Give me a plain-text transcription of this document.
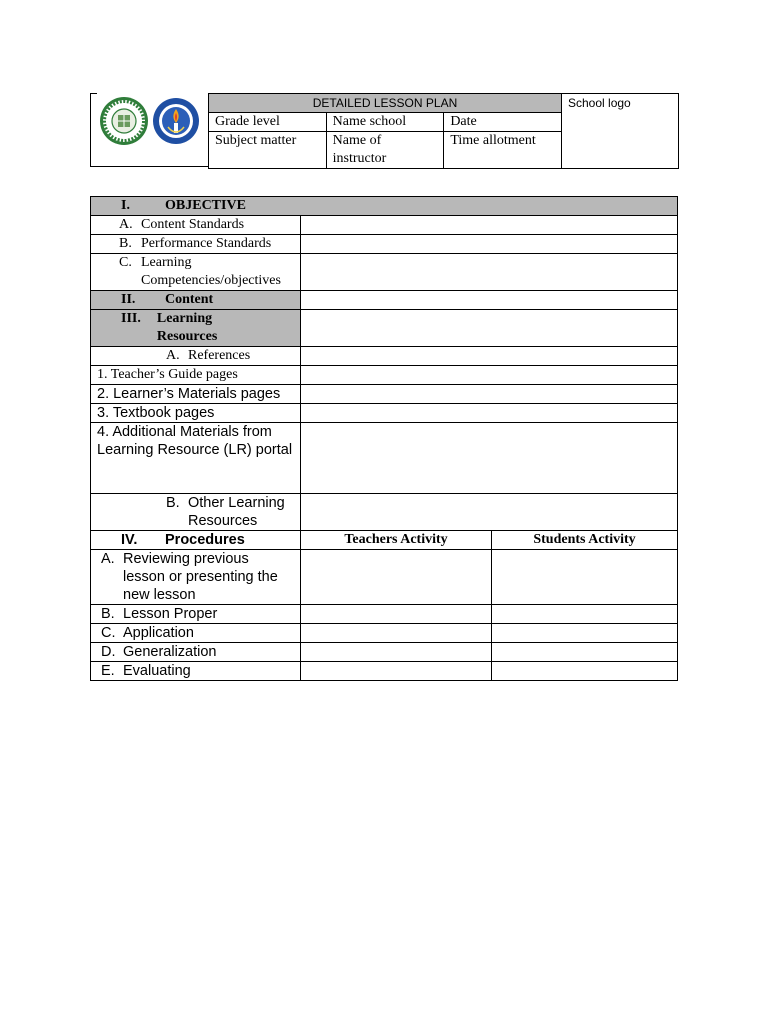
DETAILED LESSON PLAN			School logo
Grade level	Name school	Date	
Subject matter	Name of instructor	Time allotment	
I. OBJECTIVE		
A. Content Standards		
B. Performance Standards		

C. Learning Competencies/objectives		

II. Content		

III. Learning Resources		

A. References		
1. Teacher’s Guide pages		
2. Learner’s Materials pages		
3. Textbook pages		
4. Additional Materials from Learning Resource (LR) portal		

B. Other Learning Resources		

IV. Procedures	Teachers Activity	Students Activity

A. Reviewing previous lesson or presenting the new lesson		

B. Lesson Proper		
C. Application		
D. Generalization		
E. Evaluating		
